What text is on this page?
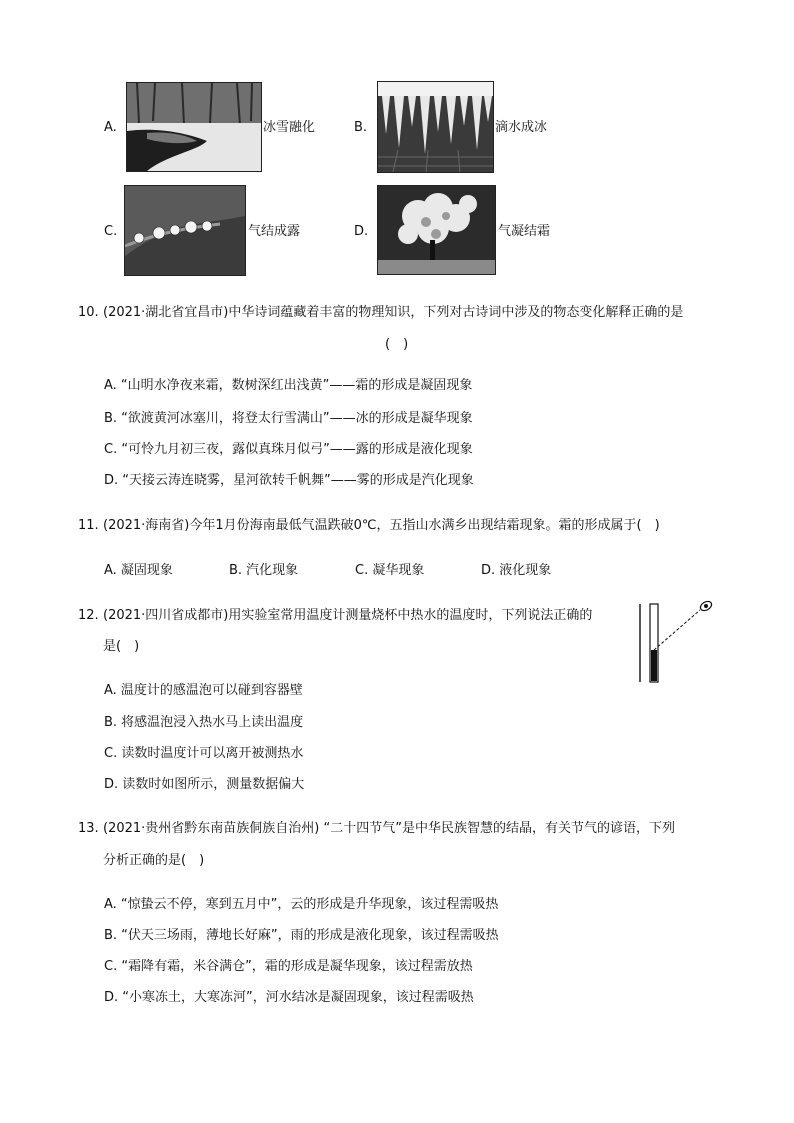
A.	冰雪融化	B.	滴水成冰
C.	气结成露	D.	气凝结霜
10. (2021·湖北省宜昌市)中华诗词蕴藏着丰富的物理知识，下列对古诗词中涉及的物态变化解释正确的是
(　)
A. “山明水净夜来霜，数树深红出浅黄”——霜的形成是凝固现象
B. “欲渡黄河冰塞川，将登太行雪满山”——冰的形成是凝华现象
C. “可怜九月初三夜，露似真珠月似弓”——露的形成是液化现象
D. “天接云涛连晓雾，星河欲转千帆舞”——雾的形成是汽化现象
11. (2021·海南省)今年1月份海南最低气温跌破0℃，五指山水满乡出现结霜现象。霜的形成属于(　)
A. 凝固现象	B. 汽化现象	C. 凝华现象	D. 液化现象
12. (2021·四川省成都市)用实验室常用温度计测量烧杯中热水的温度时，下列说法正确的
是(　)
A. 温度计的感温泡可以碰到容器壁
B. 将感温泡浸入热水马上读出温度
C. 读数时温度计可以离开被测热水
D. 读数时如图所示，测量数据偏大
13. (2021·贵州省黔东南苗族侗族自治州) “二十四节气”是中华民族智慧的结晶，有关节气的谚语，下列
分析正确的是(　)
A. “惊蛰云不停，寒到五月中”，云的形成是升华现象，该过程需吸热
B. “伏天三场雨，薄地长好麻”，雨的形成是液化现象，该过程需吸热
C. “霜降有霜，米谷满仓”，霜的形成是凝华现象，该过程需放热
D. “小寒冻土，大寒冻河”，河水结冰是凝固现象，该过程需吸热
